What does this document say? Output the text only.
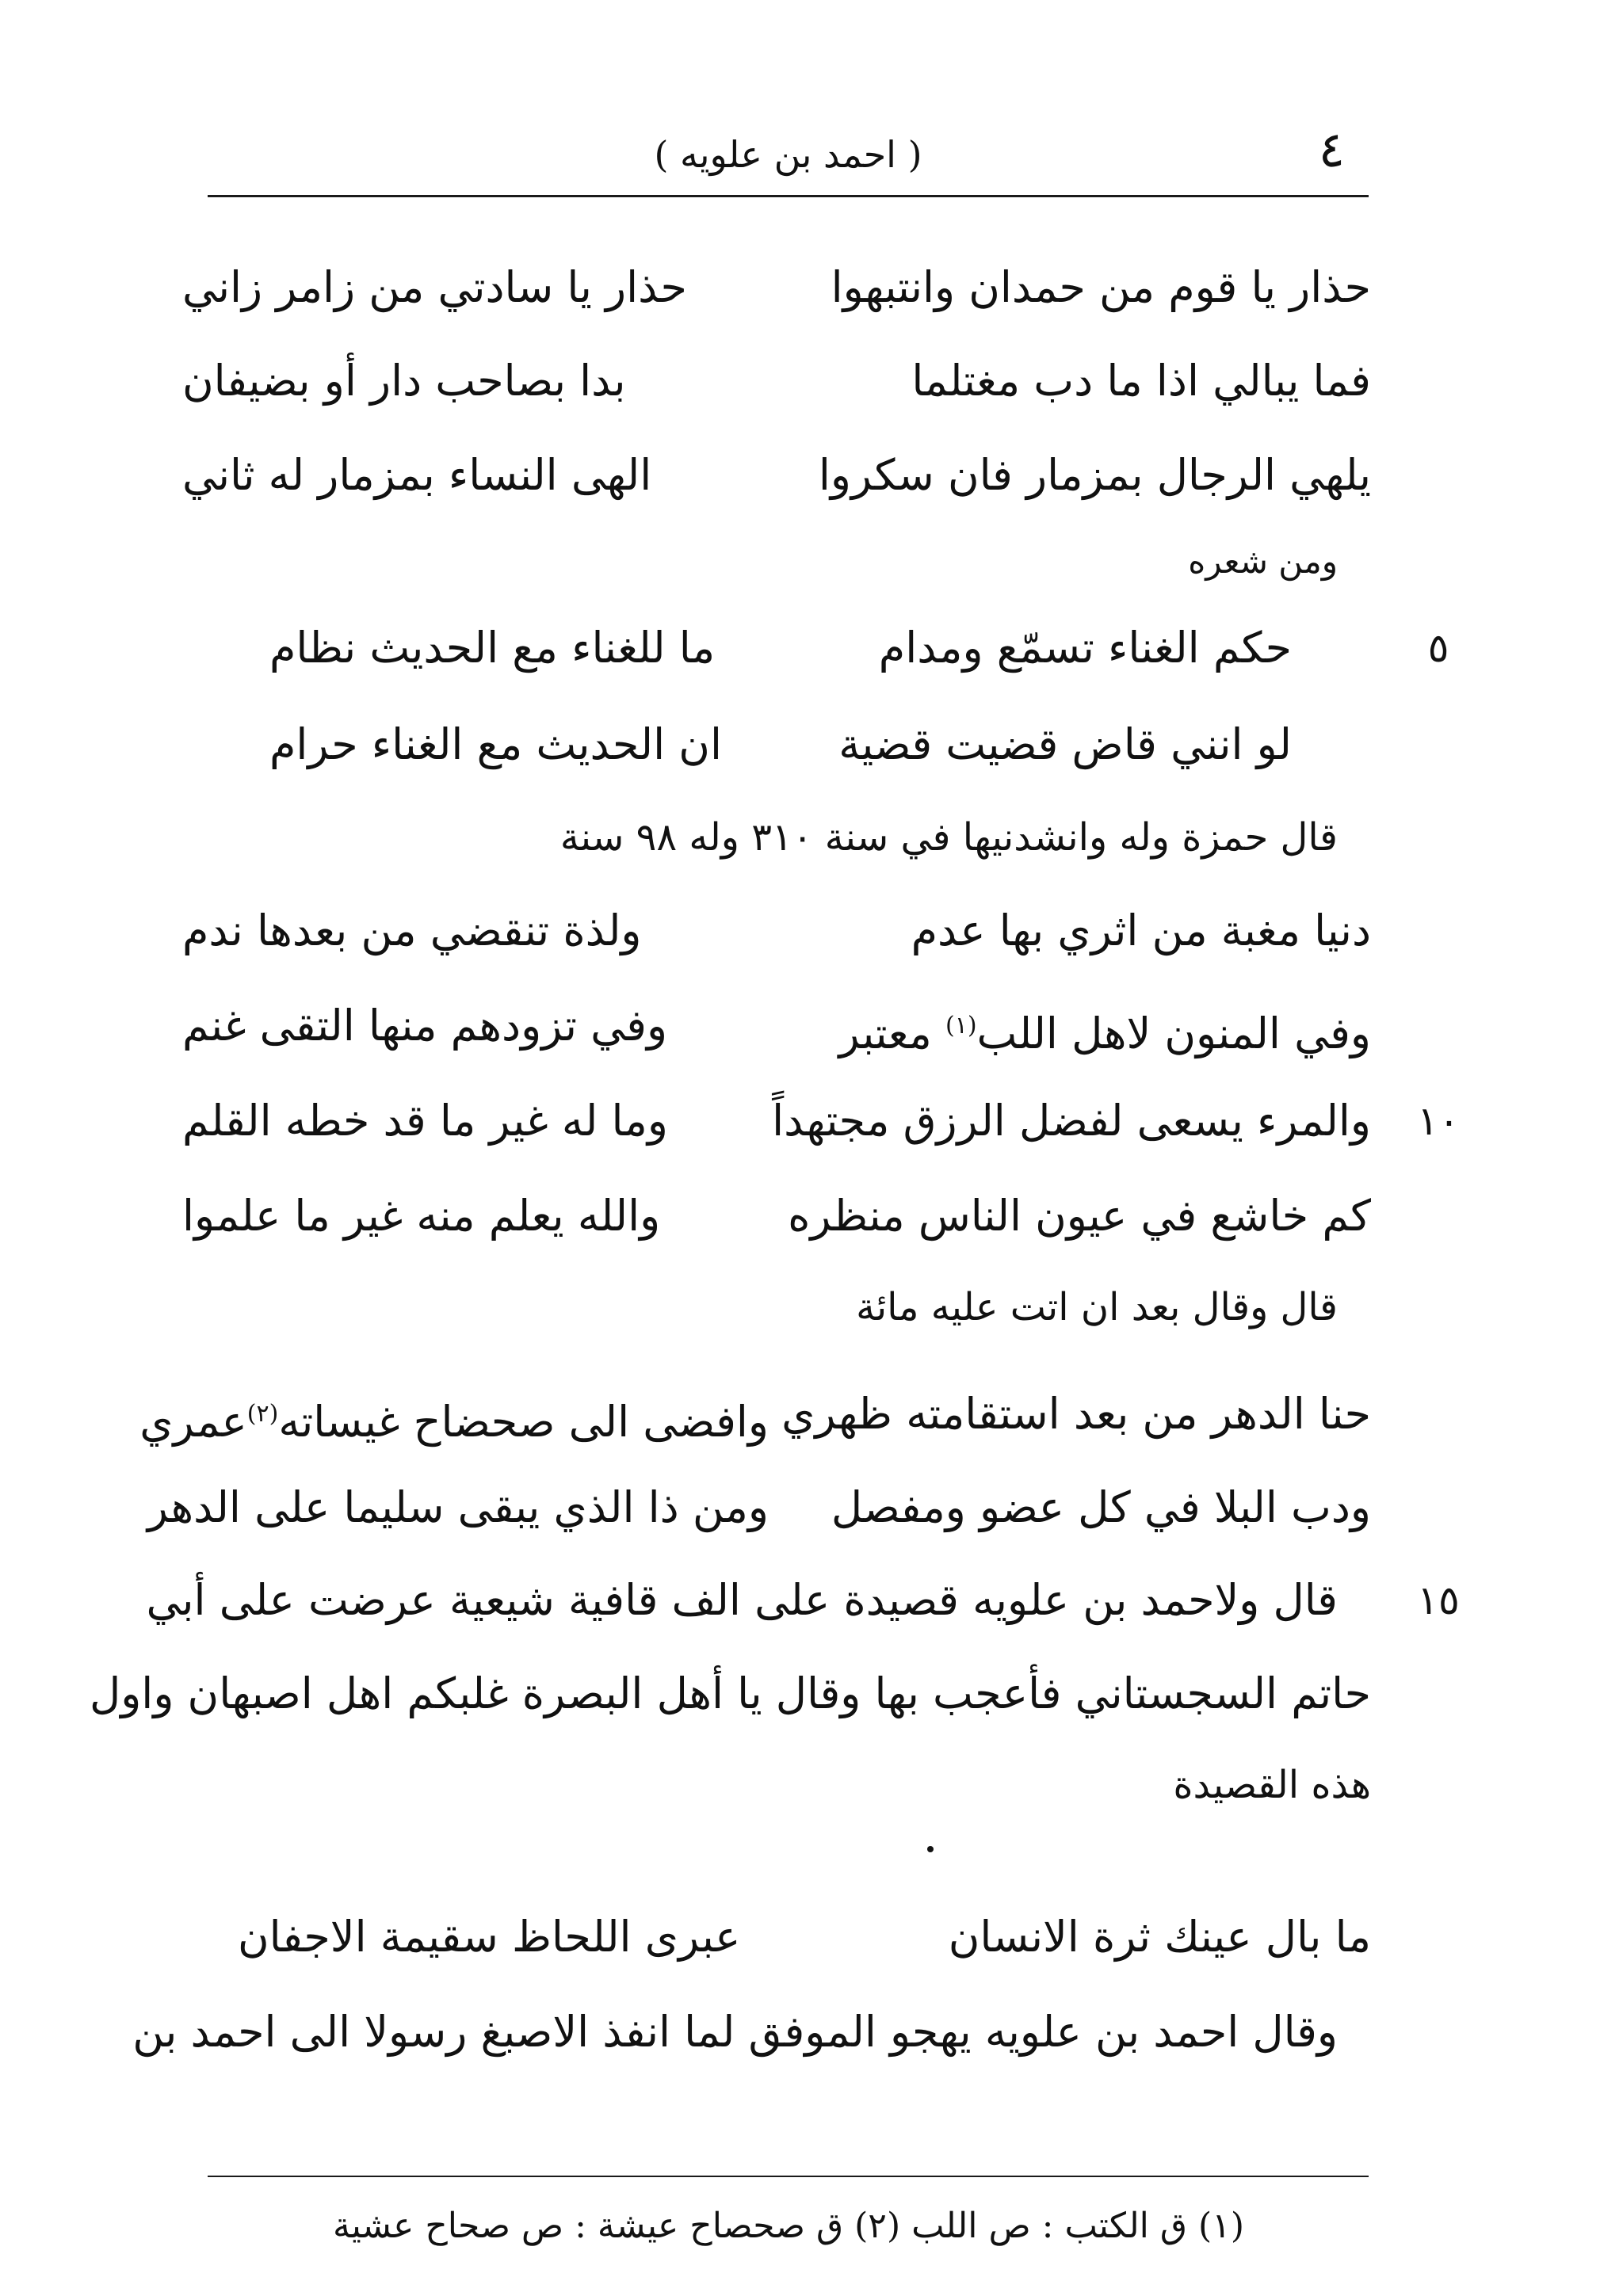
٤
( احمد بن علويه )
حذار يا قوم من حمدان وانتبهوا
حذار يا سادتي من زامر زاني
فما يبالي اذا ما دب مغتلما
بدا بصاحب دار أو بضيفان
يلهي الرجال بمزمار فان سكروا
الهى النساء بمزمار له ثاني
ومن شعره
٥
حكم الغناء تسمّع ومدام
ما للغناء مع الحديث نظام
لو انني قاض قضيت قضية
ان الحديث مع الغناء حرام
قال حمزة وله وانشدنيها في سنة ٣١٠ وله ٩٨ سنة
دنيا مغبة من اثري بها عدم
ولذة تنقضي من بعدها ندم
وفي المنون لاهل اللب$^{(١)}$ معتبر
وفي تزودهم منها التقى غنم
١٠
والمرء يسعى لفضل الرزق مجتهداً
وما له غير ما قد خطه القلم
كم خاشع في عيون الناس منظره
والله يعلم منه غير ما علموا
قال وقال بعد ان اتت عليه مائة
حنا الدهر من بعد استقامته ظهري
وافضى الى صحضاح غيساته$^{(٢)}$عمري
ودب البلا في كل عضو ومفصل
ومن ذا الذي يبقى سليما على الدهر
١٥
قال ولاحمد بن علويه قصيدة على الف قافية شيعية عرضت على أبي
حاتم السجستاني فأعجب بها وقال يا أهل البصرة غلبكم اهل اصبهان واول
هذه القصيدة
ما بال عينك ثرة الانسان
عبرى اللحاظ سقيمة الاجفان
وقال احمد بن علويه يهجو الموفق لما انفذ الاصبغ رسولا الى احمد بن
(١) ق الكتب : ص اللب (٢) ق صحصاح عيشة : ص صحاح عشية
